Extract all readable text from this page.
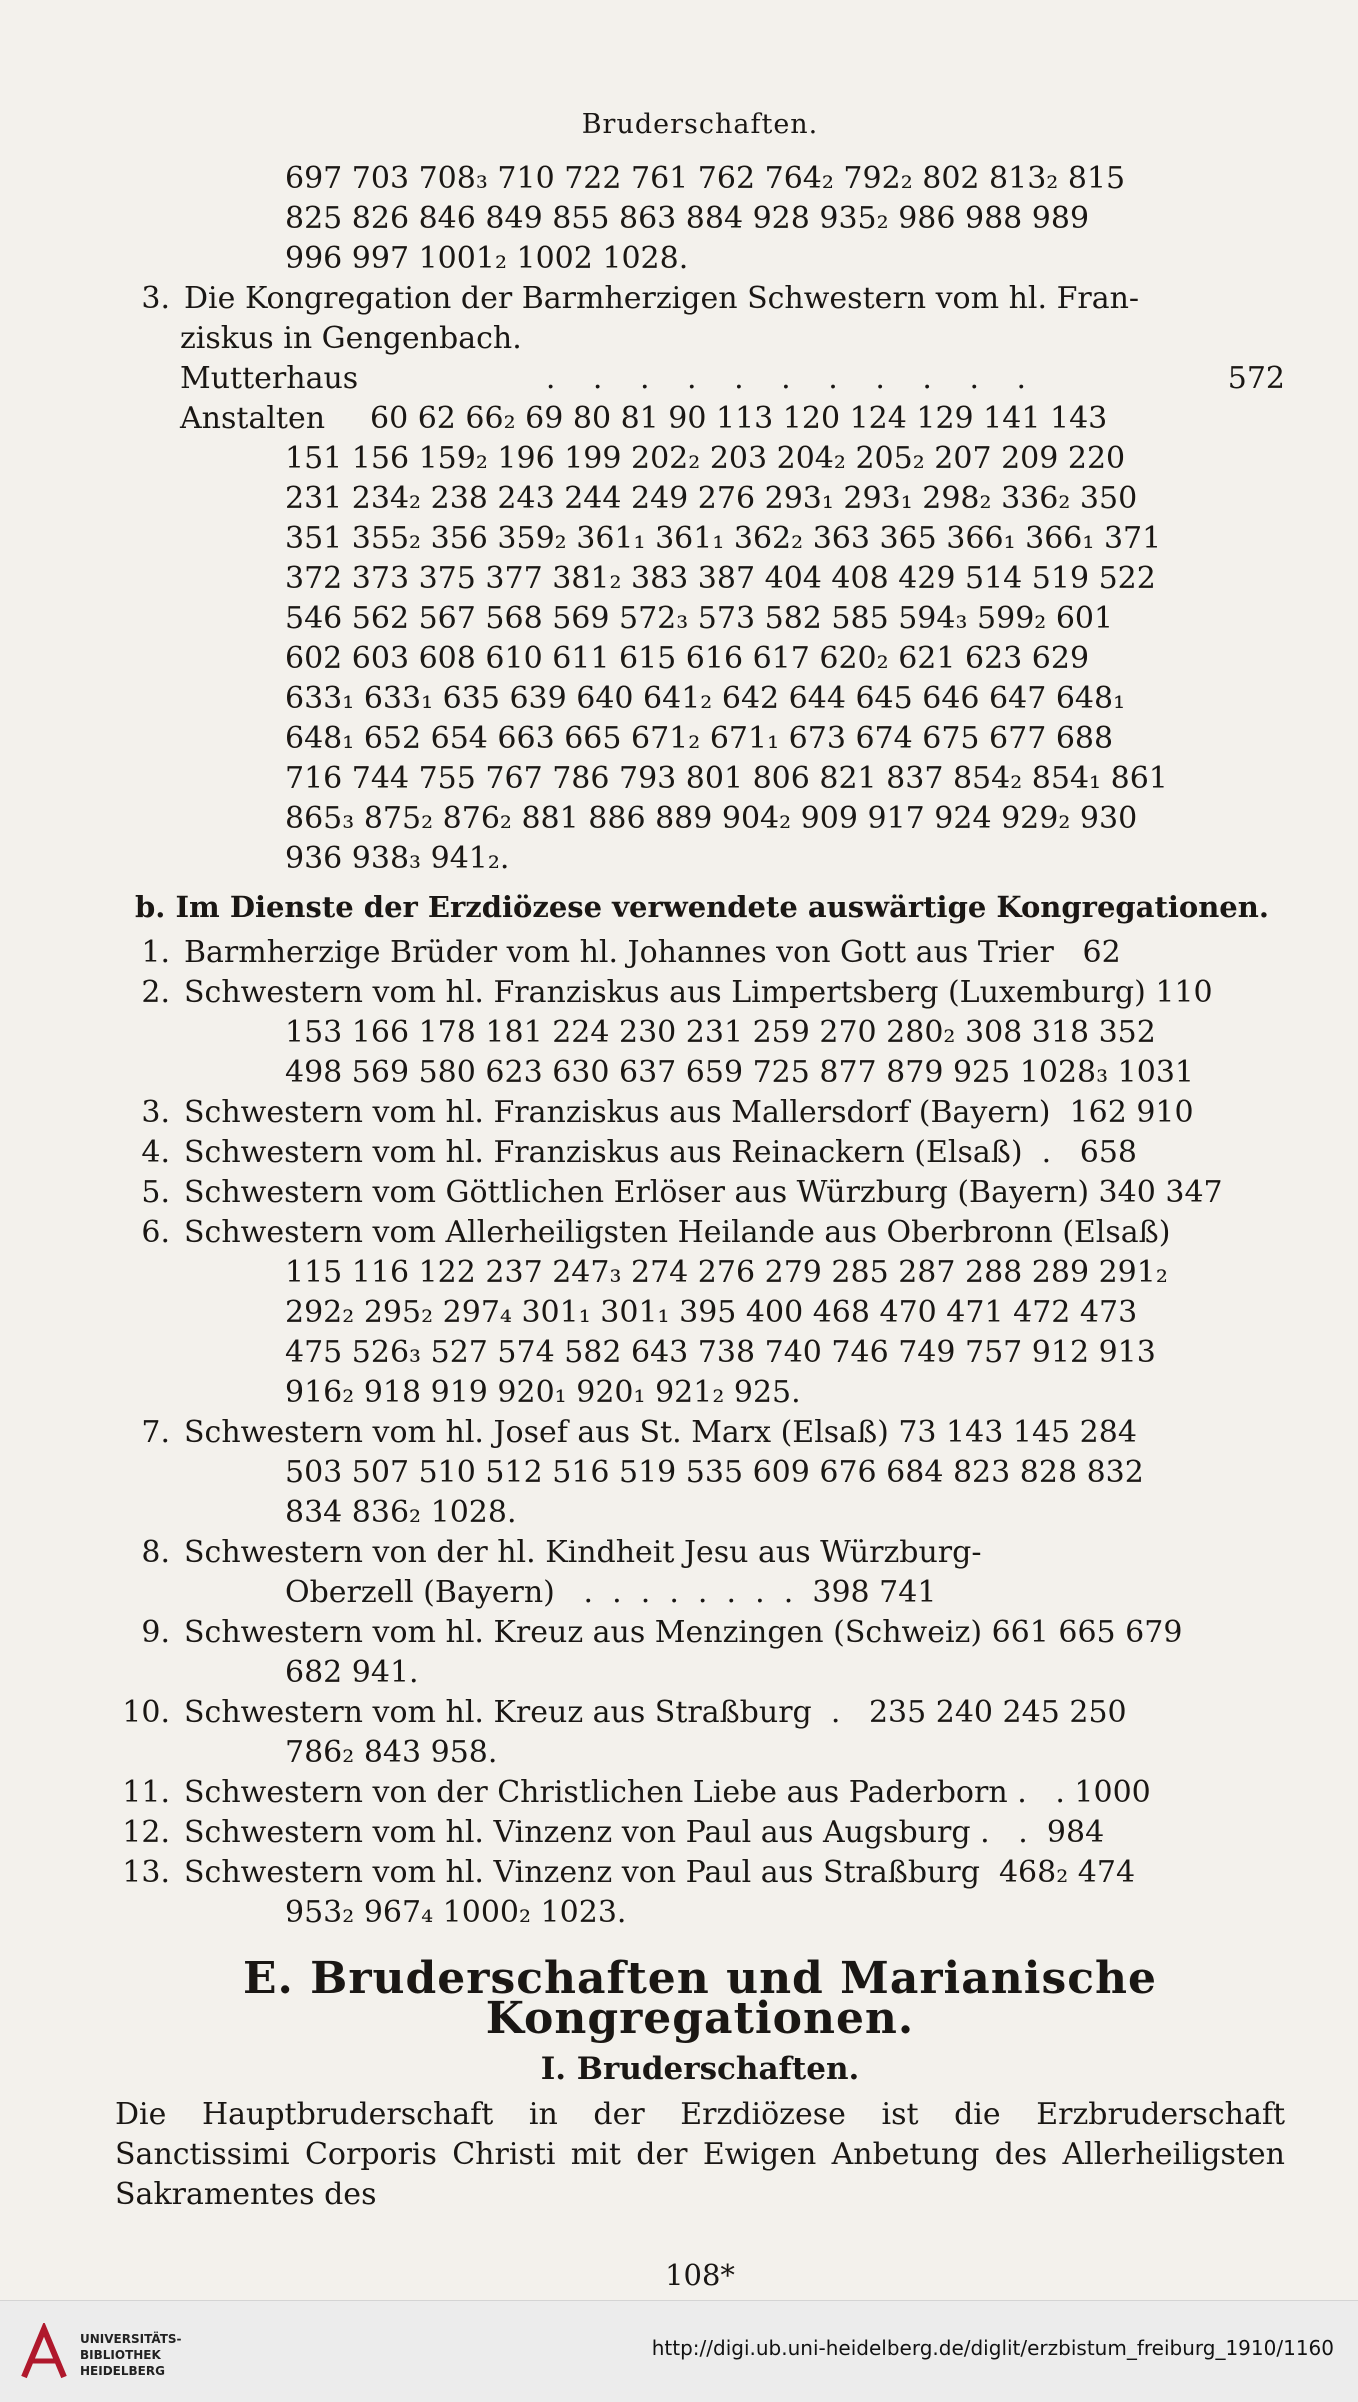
Bruderschaften.
697 703 708₃ 710 722 761 762 764₂ 792₂ 802 813₂ 815
825 826 846 849 855 863 884 928 935₂ 986 988 989
996 997 1001₂ 1002 1028.
3. Die Kongregation der Barmherzigen Schwestern vom hl. Fran-
ziskus in Gengenbach.
Mutterhaus	. . . . . . . . . . .	572
Anstalten	60 62 66₂ 69 80 81 90 113 120 124 129 141 143
151 156 159₂ 196 199 202₂ 203 204₂ 205₂ 207 209 220
231 234₂ 238 243 244 249 276 293₁ 293₁ 298₂ 336₂ 350
351 355₂ 356 359₂ 361₁ 361₁ 362₂ 363 365 366₁ 366₁ 371
372 373 375 377 381₂ 383 387 404 408 429 514 519 522
546 562 567 568 569 572₃ 573 582 585 594₃ 599₂ 601
602 603 608 610 611 615 616 617 620₂ 621 623 629
633₁ 633₁ 635 639 640 641₂ 642 644 645 646 647 648₁
648₁ 652 654 663 665 671₂ 671₁ 673 674 675 677 688
716 744 755 767 786 793 801 806 821 837 854₂ 854₁ 861
865₃ 875₂ 876₂ 881 886 889 904₂ 909 917 924 929₂ 930
936 938₃ 941₂.
b. Im Dienste der Erzdiözese verwendete auswärtige Kongregationen.
1. Barmherzige Brüder vom hl. Johannes von Gott aus Trier   62
2. Schwestern vom hl. Franziskus aus Limpertsberg (Luxemburg) 110
153 166 178 181 224 230 231 259 270 280₂ 308 318 352
498 569 580 623 630 637 659 725 877 879 925 1028₃ 1031
3. Schwestern vom hl. Franziskus aus Mallersdorf (Bayern)  162 910
4. Schwestern vom hl. Franziskus aus Reinackern (Elsaß)  .   658
5. Schwestern vom Göttlichen Erlöser aus Würzburg (Bayern) 340 347
6. Schwestern vom Allerheiligsten Heilande aus Oberbronn (Elsaß)
115 116 122 237 247₃ 274 276 279 285 287 288 289 291₂
292₂ 295₂ 297₄ 301₁ 301₁ 395 400 468 470 471 472 473
475 526₃ 527 574 582 643 738 740 746 749 757 912 913
916₂ 918 919 920₁ 920₁ 921₂ 925.
7. Schwestern vom hl. Josef aus St. Marx (Elsaß) 73 143 145 284
503 507 510 512 516 519 535 609 676 684 823 828 832
834 836₂ 1028.
8. Schwestern von der hl. Kindheit Jesu aus Würzburg-
Oberzell (Bayern)   .  .  .  .  .  .  .  .  398 741
9. Schwestern vom hl. Kreuz aus Menzingen (Schweiz) 661 665 679
682 941.
10. Schwestern vom hl. Kreuz aus Straßburg  .   235 240 245 250
786₂ 843 958.
11. Schwestern von der Christlichen Liebe aus Paderborn .   . 1000
12. Schwestern vom hl. Vinzenz von Paul aus Augsburg .   .  984
13. Schwestern vom hl. Vinzenz von Paul aus Straßburg  468₂ 474
953₂ 967₄ 1000₂ 1023.
E. Bruderschaften und Marianische Kongregationen.
I. Bruderschaften.
Die Hauptbruderschaft in der Erzdiözese ist die Erzbruderschaft Sanctissimi Corporis Christi mit der Ewigen Anbetung des Allerheiligsten Sakramentes des
108*
UNIVERSITÄTS-
BIBLIOTHEK
HEIDELBERG
http://digi.ub.uni-heidelberg.de/diglit/erzbistum_freiburg_1910/1160
